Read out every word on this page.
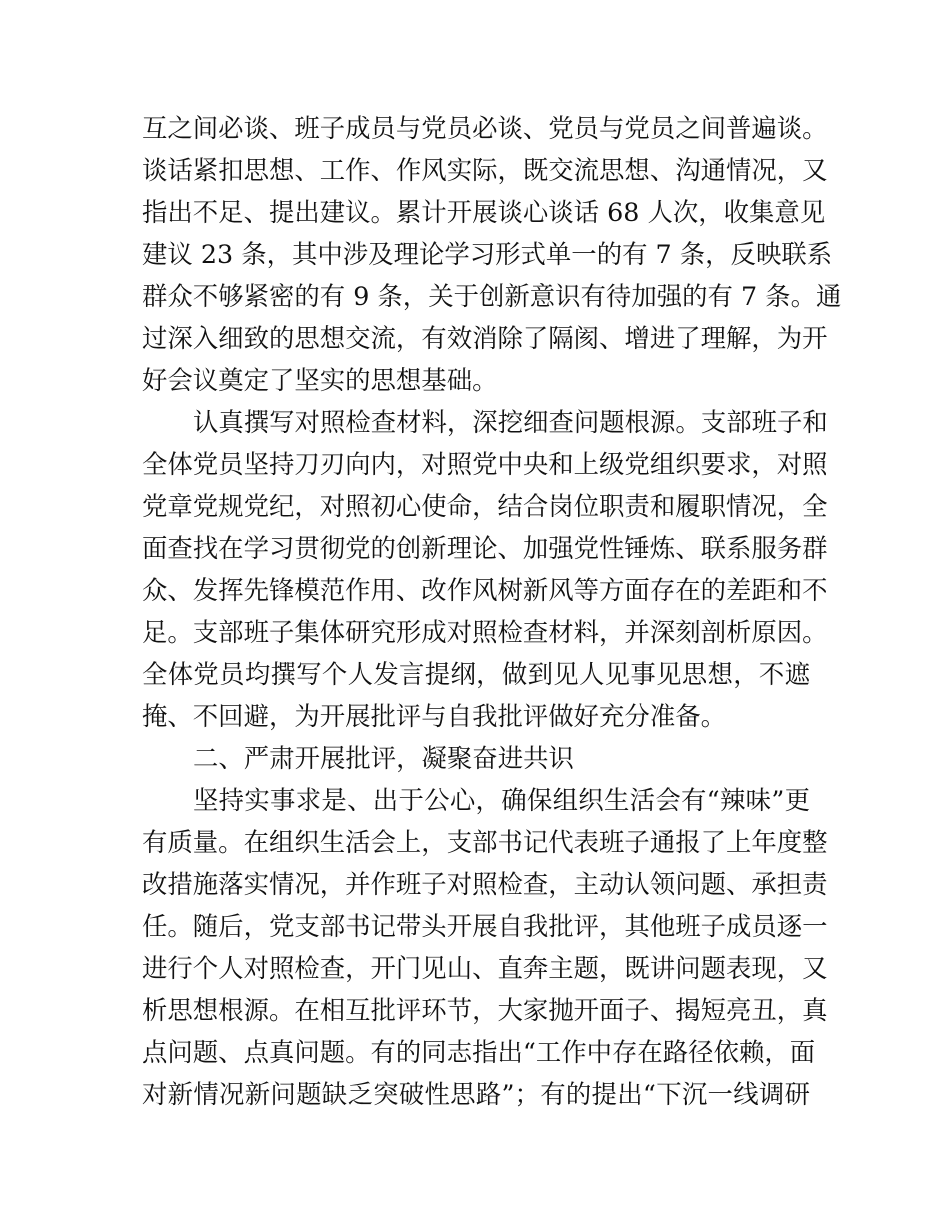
互之间必谈、班子成员与党员必谈、党员与党员之间普遍谈。
谈话紧扣思想、工作、作风实际，既交流思想、沟通情况，又
指出不足、提出建议。累计开展谈心谈话 68 人次，收集意见
建议 23 条，其中涉及理论学习形式单一的有 7 条，反映联系
群众不够紧密的有 9 条，关于创新意识有待加强的有 7 条。通
过深入细致的思想交流，有效消除了隔阂、增进了理解，为开
好会议奠定了坚实的思想基础。
认真撰写对照检查材料，深挖细查问题根源。支部班子和
全体党员坚持刀刃向内，对照党中央和上级党组织要求，对照
党章党规党纪，对照初心使命，结合岗位职责和履职情况，全
面查找在学习贯彻党的创新理论、加强党性锤炼、联系服务群
众、发挥先锋模范作用、改作风树新风等方面存在的差距和不
足。支部班子集体研究形成对照检查材料，并深刻剖析原因。
全体党员均撰写个人发言提纲，做到见人见事见思想，不遮
掩、不回避，为开展批评与自我批评做好充分准备。
二、严肃开展批评，凝聚奋进共识
坚持实事求是、出于公心，确保组织生活会有“辣味”更
有质量。在组织生活会上，支部书记代表班子通报了上年度整
改措施落实情况，并作班子对照检查，主动认领问题、承担责
任。随后，党支部书记带头开展自我批评，其他班子成员逐一
进行个人对照检查，开门见山、直奔主题，既讲问题表现，又
析思想根源。在相互批评环节，大家抛开面子、揭短亮丑，真
点问题、点真问题。有的同志指出“工作中存在路径依赖，面
对新情况新问题缺乏突破性思路”；有的提出“下沉一线调研
